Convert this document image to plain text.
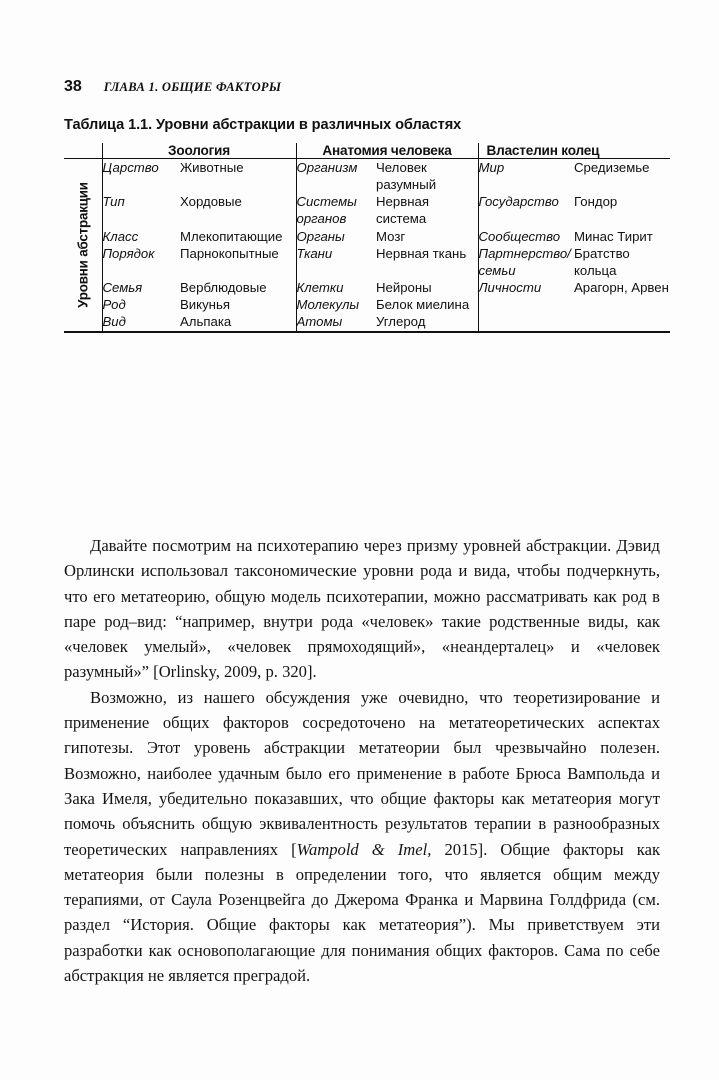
38 ГЛАВА 1. ОБЩИЕ ФАКТОРЫ
Таблица 1.1. Уровни абстракции в различных областях
	Зоология		Анатомия человека		Властелин колец	

Уровни абстракции	Царство	Животные	Организм	Человек разумный	Мир	Средиземье
	Тип	Хордовые	Системы органов	Нервная система	Государство	Гондор
	Класс	Млекопитающие	Органы	Мозг	Сообщество	Минас Тирит
	Порядок	Парнокопытные	Ткани	Нервная ткань	Партнерство/семьи	Братство кольца
	Семья	Верблюдовые	Клетки	Нейроны	Личности	Арагорн, Арвен
	Род	Викунья	Молекулы	Белок миелина		
	Вид	Альпака	Атомы	Углерод		

Давайте посмотрим на психотерапию через призму уровней абстракции. Дэвид Орлински использовал таксономические уровни рода и вида, чтобы подчеркнуть, что его метатеорию, общую модель психотерапии, можно рассматривать как род в паре род–вид: “например, внутри рода «человек» такие родственные виды, как «человек умелый», «человек прямоходящий», «неандерталец» и «человек разумный»” [Orlinsky, 2009, p. 320].

Возможно, из нашего обсуждения уже очевидно, что теоретизирование и применение общих факторов сосредоточено на метатеоретических аспектах гипотезы. Этот уровень абстракции метатеории был чрезвычайно полезен. Возможно, наиболее удачным было его применение в работе Брюса Вампольда и Зака Имеля, убедительно показавших, что общие факторы как метатеория могут помочь объяснить общую эквивалентность результатов терапии в разнообразных теоретических направлениях [Wampold & Imel, 2015]. Общие факторы как метатеория были полезны в определении того, что является общим между терапиями, от Саула Розенцвейга до Джерома Франка и Марвина Голдфрида (см. раздел “История. Общие факторы как метатеория”). Мы приветствуем эти разработки как основополагающие для понимания общих факторов. Сама по себе абстракция не является преградой.
